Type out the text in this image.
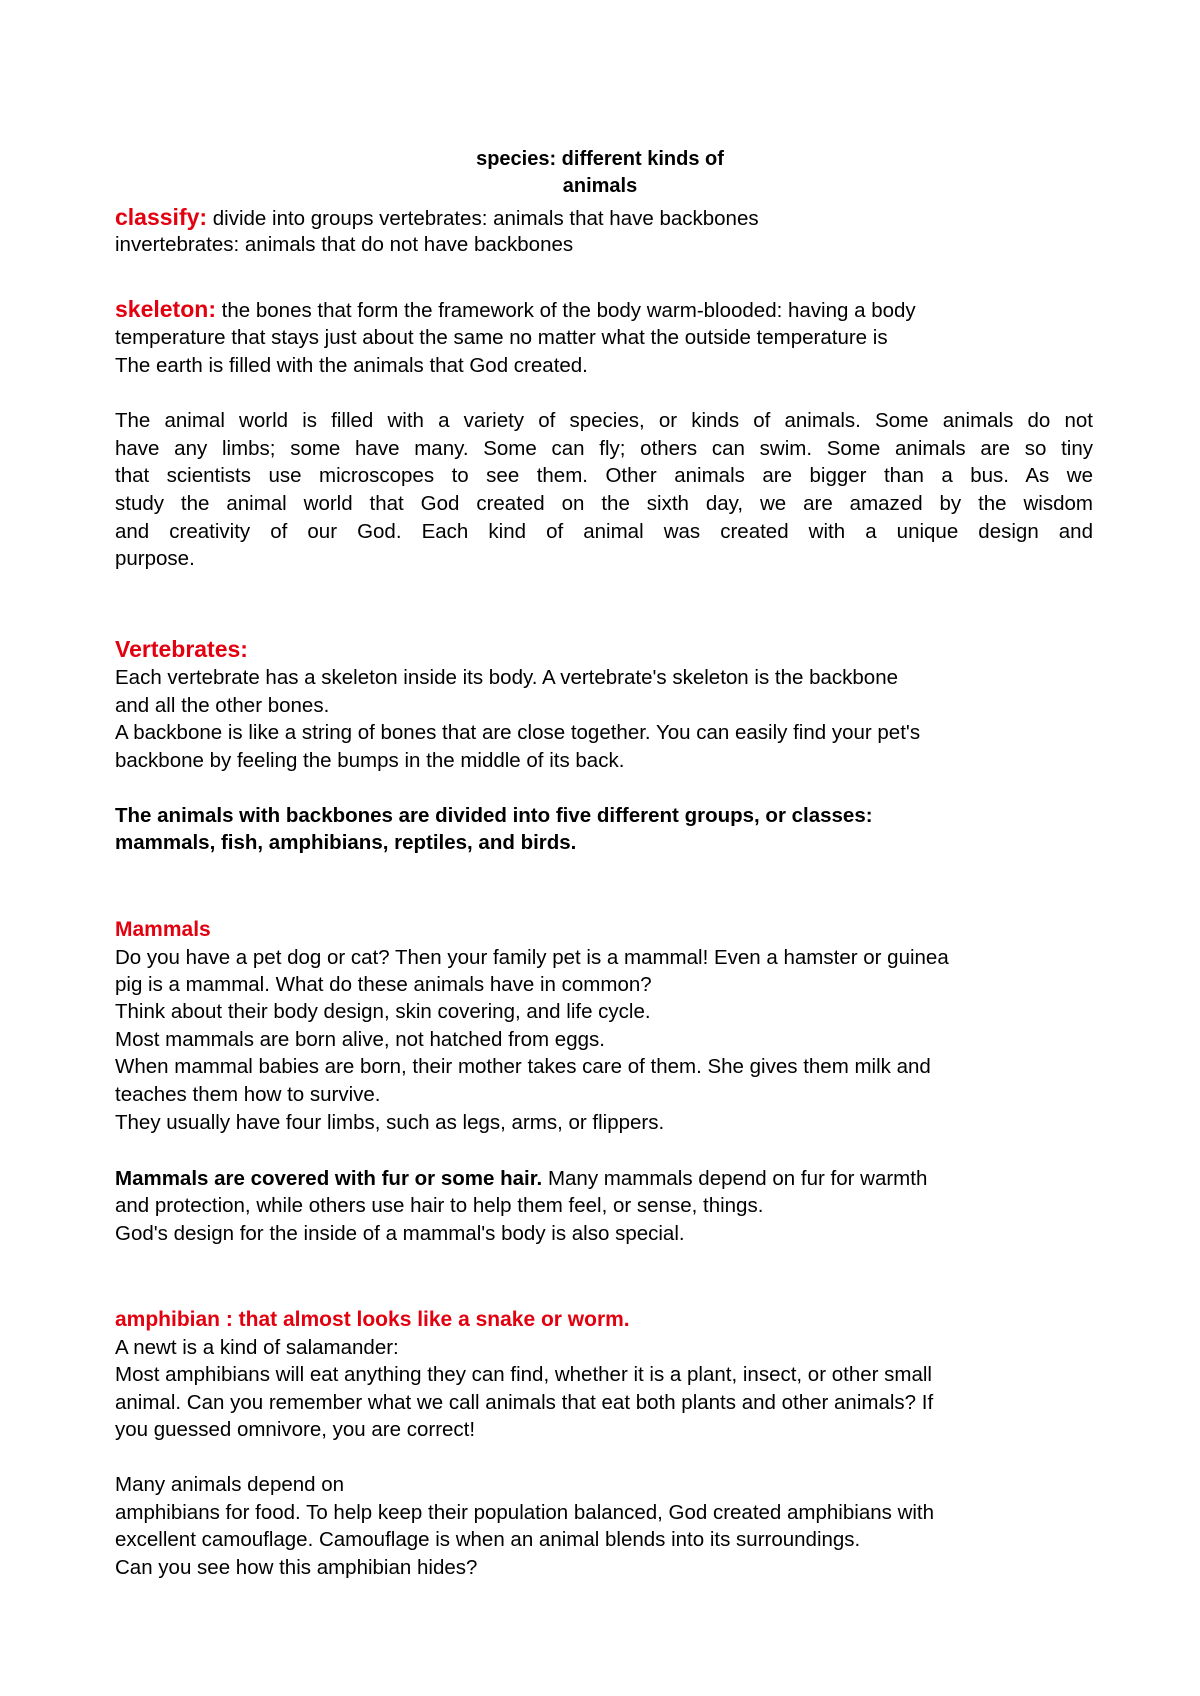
species: different kinds of
animals
classify: divide into groups vertebrates: animals that have backbones
invertebrates: animals that do not have backbones
skeleton: the bones that form the framework of the body warm-blooded: having a body
temperature that stays just about the same no matter what the outside temperature is
The earth is filled with the animals that God created.
The animal world is filled with a variety of species, or kinds of animals. Some animals do not
have any limbs; some have many. Some can fly; others can swim. Some animals are so tiny
that scientists use microscopes to see them. Other animals are bigger than a bus. As we
study the animal world that God created on the sixth day, we are amazed by the wisdom
and creativity of our God. Each kind of animal was created with a unique design and
purpose.
Vertebrates:
Each vertebrate has a skeleton inside its body. A vertebrate's skeleton is the backbone
and all the other bones.
A backbone is like a string of bones that are close together. You can easily find your pet's
backbone by feeling the bumps in the middle of its back.
The animals with backbones are divided into five different groups, or classes:
mammals, fish, amphibians, reptiles, and birds.
Mammals
Do you have a pet dog or cat? Then your family pet is a mammal! Even a hamster or guinea
pig is a mammal. What do these animals have in common?
Think about their body design, skin covering, and life cycle.
Most mammals are born alive, not hatched from eggs.
When mammal babies are born, their mother takes care of them. She gives them milk and
teaches them how to survive.
They usually have four limbs, such as legs, arms, or flippers.
Mammals are covered with fur or some hair. Many mammals depend on fur for warmth
and protection, while others use hair to help them feel, or sense, things.
God's design for the inside of a mammal's body is also special.
amphibian : that almost looks like a snake or worm.
A newt is a kind of salamander:
Most amphibians will eat anything they can find, whether it is a plant, insect, or other small
animal. Can you remember what we call animals that eat both plants and other animals? If
you guessed omnivore, you are correct!
Many animals depend on
amphibians for food. To help keep their population balanced, God created amphibians with
excellent camouflage. Camouflage is when an animal blends into its surroundings.
Can you see how this amphibian hides?
